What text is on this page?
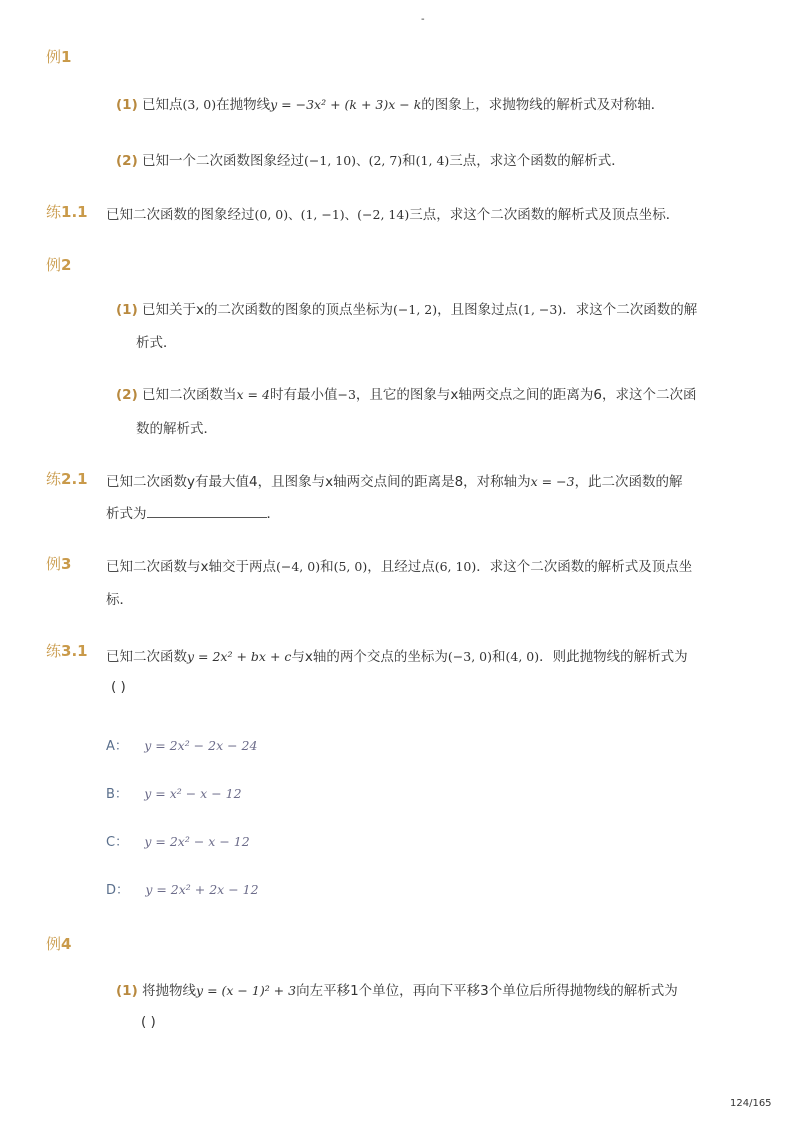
-
例1
(1) 已知点(3, 0)在抛物线y = −3x² + (k + 3)x − k的图象上，求抛物线的解析式及对称轴．
(2) 已知一个二次函数图象经过(−1, 10)、(2, 7)和(1, 4)三点，求这个函数的解析式．
练1.1 已知二次函数的图象经过(0, 0)、(1, −1)、(−2, 14)三点，求这个二次函数的解析式及顶点坐标．
例2
(1) 已知关于x的二次函数的图象的顶点坐标为(−1, 2)，且图象过点(1, −3)．求这个二次函数的解
析式．
(2) 已知二次函数当x = 4时有最小值−3，且它的图象与x轴两交点之间的距离为6，求这个二次函
数的解析式．
练2.1 已知二次函数y有最大值4，且图象与x轴两交点间的距离是8，对称轴为x = −3，此二次函数的解
析式为	．
例3	已知二次函数与x轴交于两点(−4, 0)和(5, 0)，且经过点(6, 10)．求这个二次函数的解析式及顶点坐
标．
练3.1 已知二次函数y = 2x² + bx + c与x轴的两个交点的坐标为(−3, 0)和(4, 0)．则此抛物线的解析式为
( )
A： y = 2x² − 2x − 24
B： y = x² − x − 12
C： y = 2x² − x − 12
D： y = 2x² + 2x − 12
例4
(1) 将抛物线y = (x − 1)² + 3向左平移1个单位，再向下平移3个单位后所得抛物线的解析式为
( )
124/165
